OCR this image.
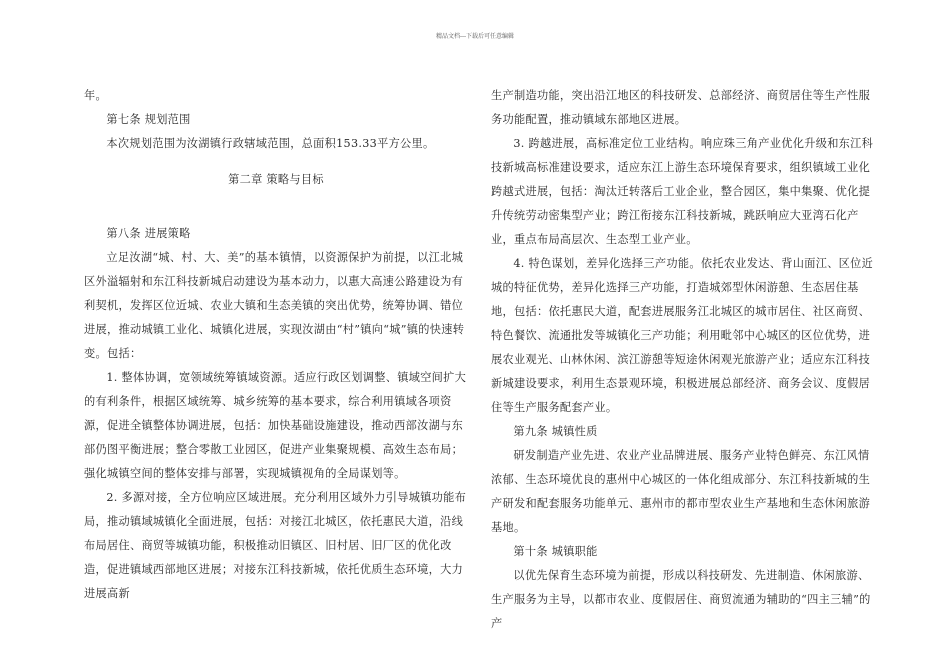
精品文档---下载后可任意编辑

年。

第七条 规划范围

本次规划范围为汝湖镇行政辖域范围，总面积153.33平方公里。

第二章 策略与目标

第八条 进展策略

立足汝湖“城、村、大、美”的基本镇情，以资源保护为前提，以江北城区外溢辐射和东江科技新城启动建设为基本动力，以惠大高速公路建设为有利契机，发挥区位近城、农业大镇和生态美镇的突出优势，统筹协调、错位进展，推动城镇工业化、城镇化进展，实现汝湖由“村”镇向“城”镇的快速转变。包括：

1. 整体协调，宽领域统筹镇域资源。适应行政区划调整、镇域空间扩大的有利条件，根据区域统筹、城乡统筹的基本要求，综合利用镇域各项资源，促进全镇整体协调进展，包括：加快基础设施建设，推动西部汝湖与东部仍图平衡进展；整合零散工业园区，促进产业集聚规模、高效生态布局；强化城镇空间的整体安排与部署，实现城镇视角的全局谋划等。

2. 多源对接，全方位响应区域进展。充分利用区域外力引导城镇功能布局，推动镇域城镇化全面进展，包括：对接江北城区，依托惠民大道，沿线布局居住、商贸等城镇功能，积极推动旧镇区、旧村居、旧厂区的优化改造，促进镇域西部地区进展；对接东江科技新城，依托优质生态环境，大力进展高新

生产制造功能，突出沿江地区的科技研发、总部经济、商贸居住等生产性服务功能配置，推动镇域东部地区进展。

3. 跨越进展，高标准定位工业结构。响应珠三角产业优化升级和东江科技新城高标准建设要求，适应东江上游生态环境保育要求，组织镇域工业化跨越式进展，包括：淘汰迁转落后工业企业，整合园区，集中集聚、优化提升传统劳动密集型产业；跨江衔接东江科技新城，跳跃响应大亚湾石化产业，重点布局高层次、生态型工业产业。

4. 特色谋划，差异化选择三产功能。依托农业发达、背山面江、区位近城的特征优势，差异化选择三产功能，打造城郊型休闲游憩、生态居住基地，包括：依托惠民大道，配套进展服务江北城区的城市居住、社区商贸、特色餐饮、流通批发等城镇化三产功能；利用毗邻中心城区的区位优势，进展农业观光、山林休闲、滨江游憩等短途休闲观光旅游产业；适应东江科技新城建设要求，利用生态景观环境，积极进展总部经济、商务会议、度假居住等生产服务配套产业。

第九条 城镇性质

研发制造产业先进、农业产业品牌进展、服务产业特色鲜亮、东江风情浓郁、生态环境优良的惠州中心城区的一体化组成部分、东江科技新城的生产研发和配套服务功能单元、惠州市的都市型农业生产基地和生态休闲旅游基地。

第十条 城镇职能

以优先保育生态环境为前提，形成以科技研发、先进制造、休闲旅游、生产服务为主导，以都市农业、度假居住、商贸流通为辅助的“四主三辅”的产
